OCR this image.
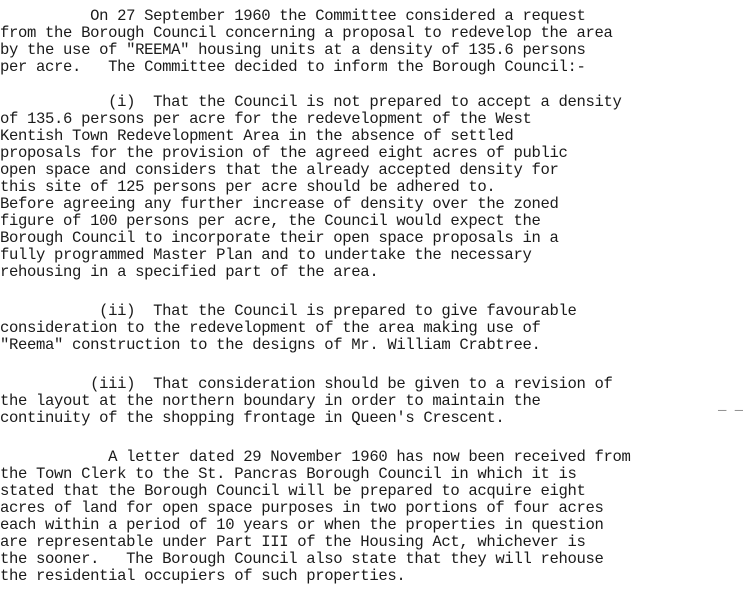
On 27 September 1960 the Committee considered a request
from the Borough Council concerning a proposal to redevelop the area
by the use of "REEMA" housing units at a density of 135.6 persons
per acre.   The Committee decided to inform the Borough Council:-
(i)  That the Council is not prepared to accept a density
of 135.6 persons per acre for the redevelopment of the West
Kentish Town Redevelopment Area in the absence of settled
proposals for the provision of the agreed eight acres of public
open space and considers that the already accepted density for
this site of 125 persons per acre should be adhered to.
Before agreeing any further increase of density over the zoned
figure of 100 persons per acre, the Council would expect the
Borough Council to incorporate their open space proposals in a
fully programmed Master Plan and to undertake the necessary
rehousing in a specified part of the area.
(ii)  That the Council is prepared to give favourable
consideration to the redevelopment of the area making use of
"Reema" construction to the designs of Mr. William Crabtree.
(iii)  That consideration should be given to a revision of
the layout at the northern boundary in order to maintain the
continuity of the shopping frontage in Queen's Crescent.
_ _
A letter dated 29 November 1960 has now been received from
the Town Clerk to the St. Pancras Borough Council in which it is
stated that the Borough Council will be prepared to acquire eight
acres of land for open space purposes in two portions of four acres
each within a period of 10 years or when the properties in question
are representable under Part III of the Housing Act, whichever is
the sooner.   The Borough Council also state that they will rehouse
the residential occupiers of such properties.
